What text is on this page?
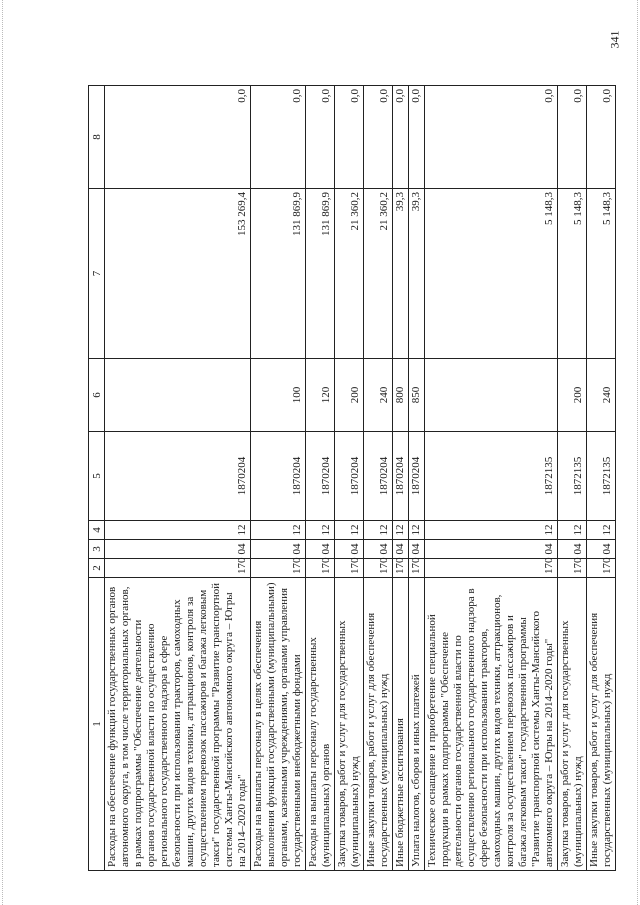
341
1	2	3	4	5	6	7	8
Расходы на обеспечение функций государственных органов автономного округа, в том числе территориальных органов, в рамках подпрограммы "Обеспечение деятельности органов государственной власти по осуществлению регионального государственного надзора в сфере безопасности при использовании тракторов, самоходных машин, других видов техники, аттракционов, контроля за осуществлением перевозок пассажиров и багажа легковым такси" государственной программы "Развитие транспортной системы Ханты-Мансийского автономного округа – Югры на 2014–2020 годы"	170	04	12	1870204		153 269,4	0,0
Расходы на выплаты персоналу в целях обеспечения выполнения функций государственными (муниципальными) органами, казенными учреждениями, органами управления государственными внебюджетными фондами	170	04	12	1870204	100	131 869,9	0,0
Расходы на выплаты персоналу государственных (муниципальных) органов	170	04	12	1870204	120	131 869,9	0,0
Закупка товаров, работ и услуг для государственных (муниципальных) нужд	170	04	12	1870204	200	21 360,2	0,0
Иные закупки товаров, работ и услуг для обеспечения государственных (муниципальных) нужд	170	04	12	1870204	240	21 360,2	0,0
Иные бюджетные ассигнования	170	04	12	1870204	800	39,3	0,0
Уплата налогов, сборов и иных платежей	170	04	12	1870204	850	39,3	0,0
Техническое оснащение и приобретение специальной продукции в рамках подпрограммы "Обеспечение деятельности органов государственной власти по осуществлению регионального государственного надзора в сфере безопасности при использовании тракторов, самоходных машин, других видов техники, аттракционов, контроля за осуществлением перевозок пассажиров и багажа легковым такси" государственной программы "Развитие транспортной системы Ханты-Мансийского автономного округа – Югры на 2014–2020 годы"	170	04	12	1872135		5 148,3	0,0
Закупка товаров, работ и услуг для государственных (муниципальных) нужд	170	04	12	1872135	200	5 148,3	0,0
Иные закупки товаров, работ и услуг для обеспечения государственных (муниципальных) нужд	170	04	12	1872135	240	5 148,3	0,0
